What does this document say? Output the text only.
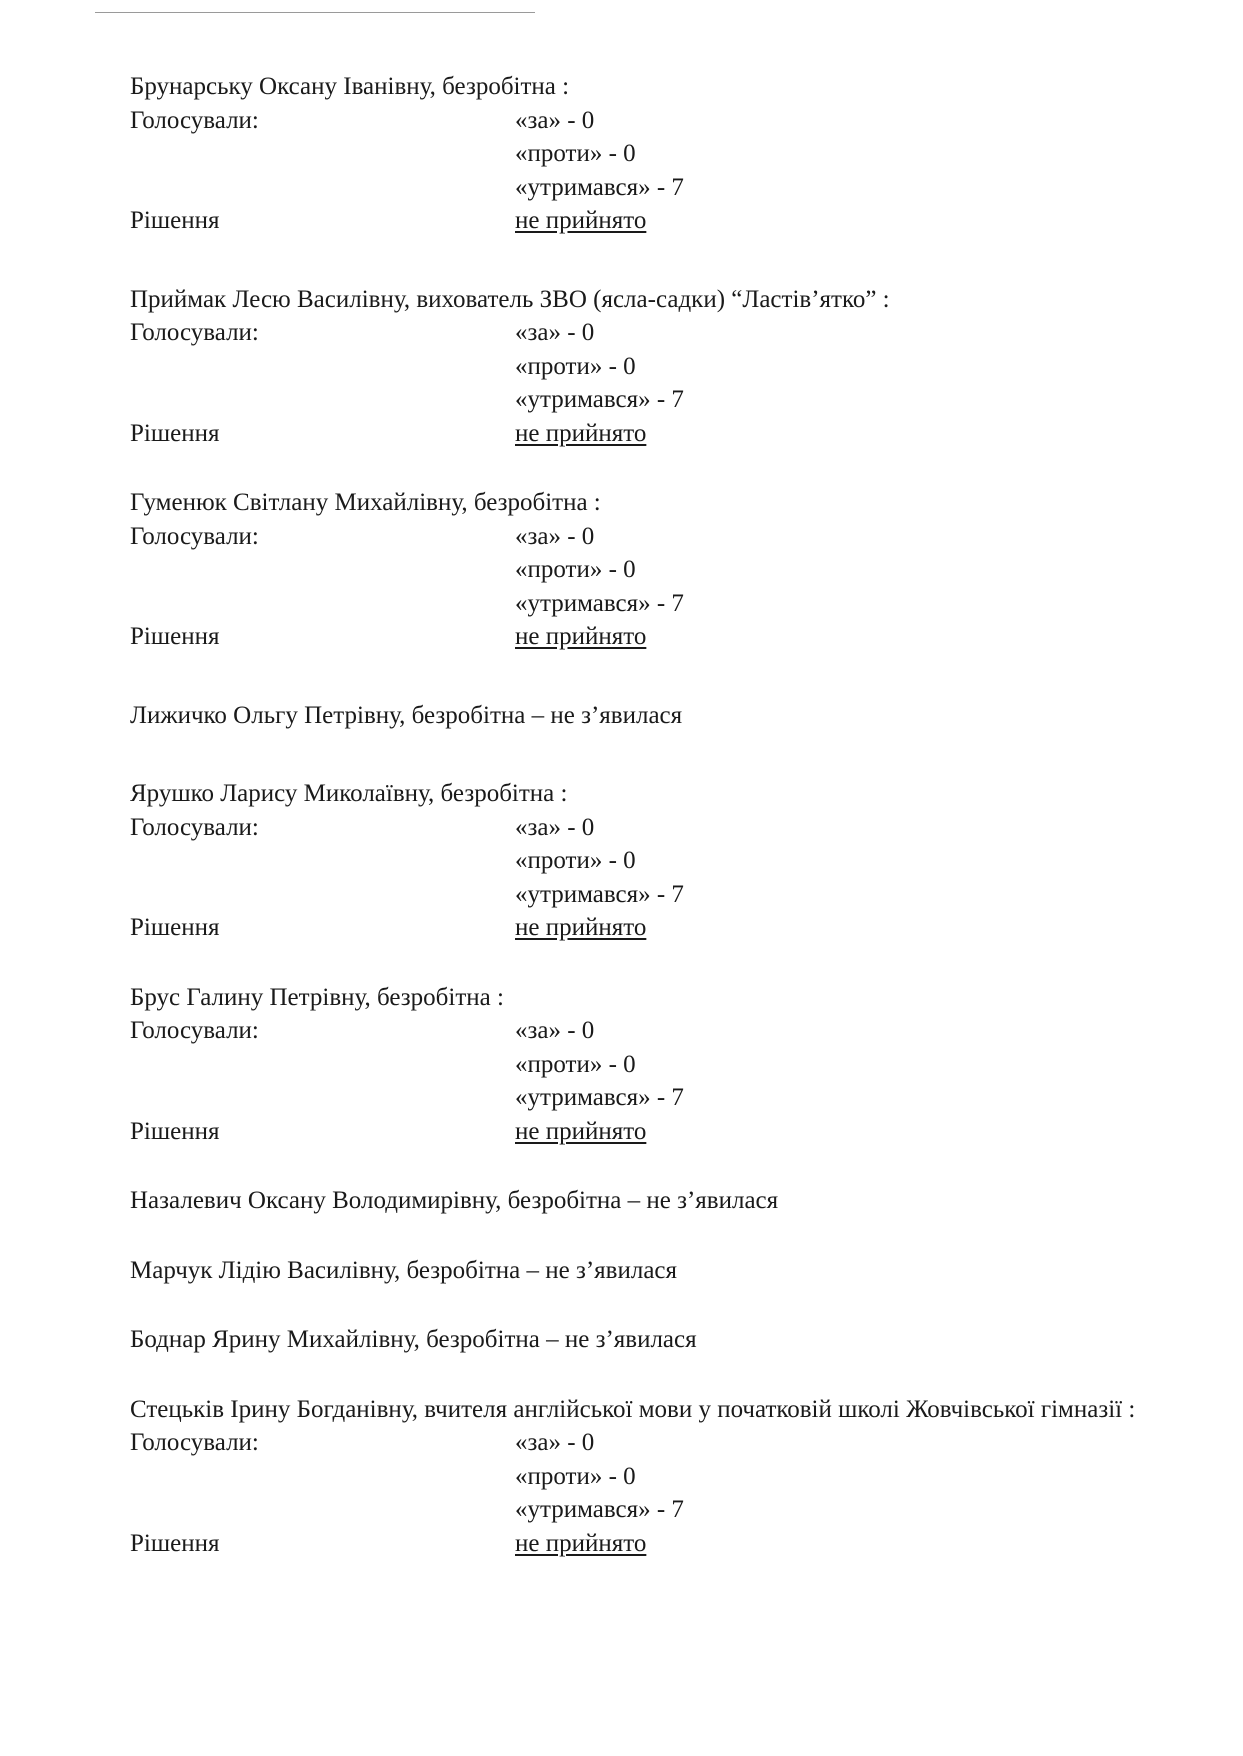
Брунарську Оксану Іванівну, безробітна :
Голосували:	«за» - 0
«проти» - 0
«утримався» - 7
Рішення	не прийнято
Приймак Лесю Василівну, вихователь ЗВО (ясла-садки) “Ластів’ятко” :
Голосували:	«за» - 0
«проти» - 0
«утримався» - 7
Рішення	не прийнято
Гуменюк Світлану Михайлівну, безробітна :
Голосували:	«за» - 0
«проти» - 0
«утримався» - 7
Рішення	не прийнято
Лижичко Ольгу Петрівну, безробітна – не з’явилася
Ярушко Ларису Миколаївну, безробітна :
Голосували:	«за» - 0
«проти» - 0
«утримався» - 7
Рішення	не прийнято
Брус Галину Петрівну, безробітна :
Голосували:	«за» - 0
«проти» - 0
«утримався» - 7
Рішення	не прийнято
Назалевич Оксану Володимирівну, безробітна – не з’явилася
Марчук Лідію Василівну, безробітна – не з’явилася
Боднар Ярину Михайлівну, безробітна – не з’явилася
Стецьків Ірину Богданівну, вчителя англійської мови у початковій школі Жовчівської гімназії :
Голосували:	«за» - 0
«проти» - 0
«утримався» - 7
Рішення	не прийнято
